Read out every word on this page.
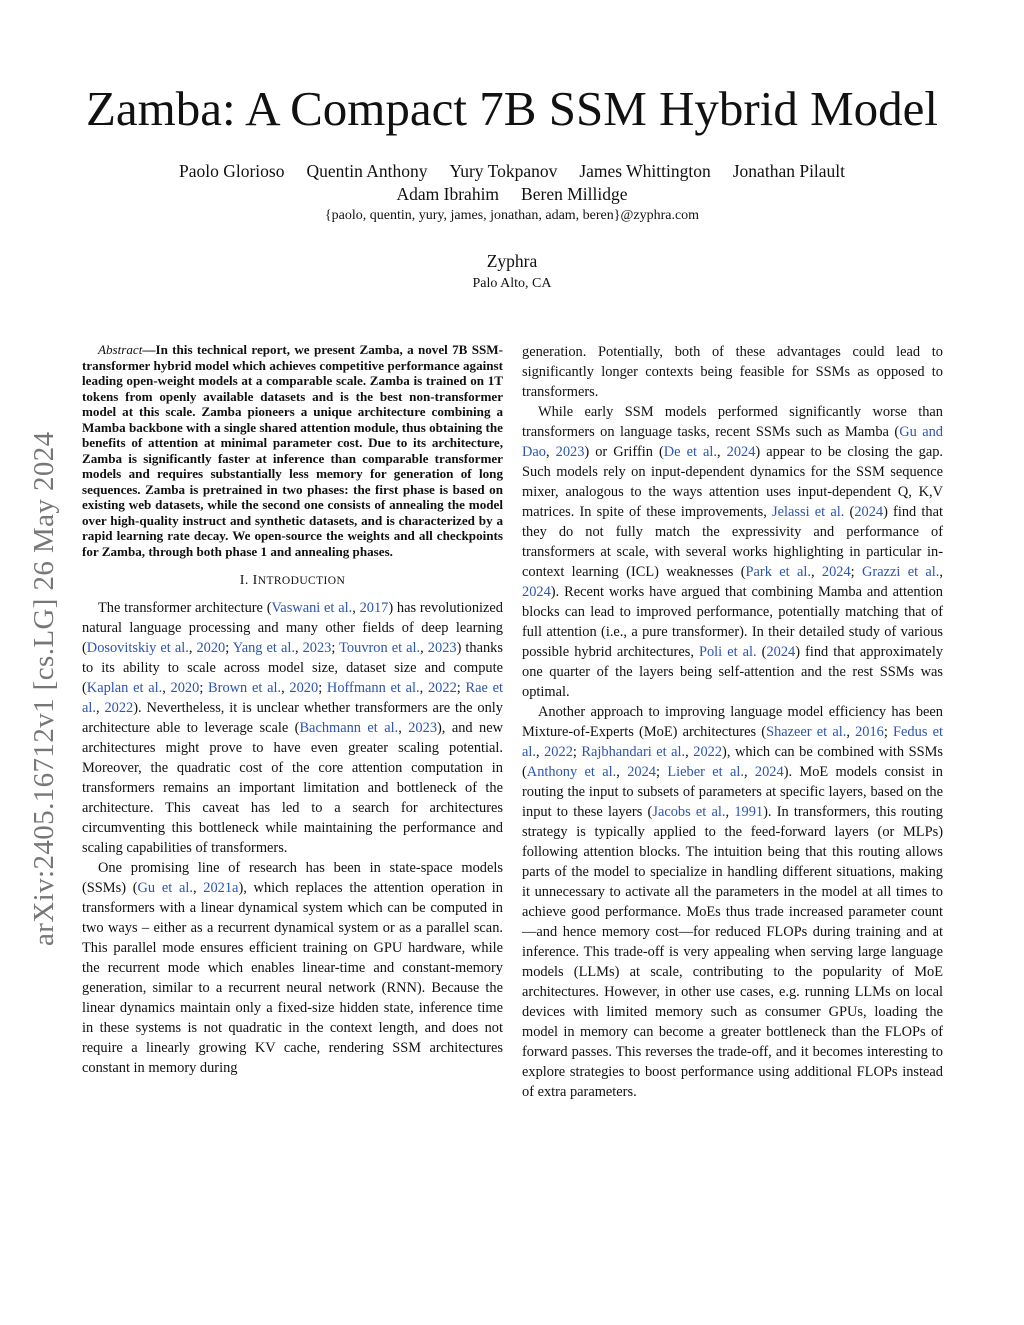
Zamba: A Compact 7B SSM Hybrid Model
Paolo Glorioso Quentin Anthony Yury Tokpanov James Whittington Jonathan Pilault
Adam Ibrahim Beren Millidge
{paolo, quentin, yury, james, jonathan, adam, beren}@zyphra.com
Zyphra
Palo Alto, CA
arXiv:2405.16712v1 [cs.LG] 26 May 2024

Abstract—In this technical report, we present Zamba, a novel 7B SSM-transformer hybrid model which achieves competitive performance against leading open-weight models at a comparable scale. Zamba is trained on 1T tokens from openly available datasets and is the best non-transformer model at this scale. Zamba pioneers a unique architecture combining a Mamba backbone with a single shared attention module, thus obtaining the benefits of attention at minimal parameter cost. Due to its architecture, Zamba is significantly faster at inference than comparable transformer models and requires substantially less memory for generation of long sequences. Zamba is pretrained in two phases: the first phase is based on existing web datasets, while the second one consists of annealing the model over high-quality instruct and synthetic datasets, and is characterized by a rapid learning rate decay. We open-source the weights and all checkpoints for Zamba, through both phase 1 and annealing phases.

I. INTRODUCTION

The transformer architecture (Vaswani et al., 2017) has revolutionized natural language processing and many other fields of deep learning (Dosovitskiy et al., 2020; Yang et al., 2023; Touvron et al., 2023) thanks to its ability to scale across model size, dataset size and compute (Kaplan et al., 2020; Brown et al., 2020; Hoffmann et al., 2022; Rae et al., 2022). Nevertheless, it is unclear whether transformers are the only architecture able to leverage scale (Bachmann et al., 2023), and new architectures might prove to have even greater scaling potential. Moreover, the quadratic cost of the core attention computation in transformers remains an important limitation and bottleneck of the architecture. This caveat has led to a search for architectures circumventing this bottleneck while maintaining the performance and scaling capabilities of transformers.

One promising line of research has been in state-space models (SSMs) (Gu et al., 2021a), which replaces the attention operation in transformers with a linear dynamical system which can be computed in two ways – either as a recurrent dynamical system or as a parallel scan. This parallel mode ensures efficient training on GPU hardware, while the recurrent mode which enables linear-time and constant-memory generation, similar to a recurrent neural network (RNN). Because the linear dynamics maintain only a fixed-size hidden state, inference time in these systems is not quadratic in the context length, and does not require a linearly growing KV cache, rendering SSM architectures constant in memory during

generation. Potentially, both of these advantages could lead to significantly longer contexts being feasible for SSMs as opposed to transformers.

While early SSM models performed significantly worse than transformers on language tasks, recent SSMs such as Mamba (Gu and Dao, 2023) or Griffin (De et al., 2024) appear to be closing the gap. Such models rely on input-dependent dynamics for the SSM sequence mixer, analogous to the ways attention uses input-dependent Q, K,V matrices. In spite of these improvements, Jelassi et al. (2024) find that they do not fully match the expressivity and performance of transformers at scale, with several works highlighting in particular in-context learning (ICL) weaknesses (Park et al., 2024; Grazzi et al., 2024). Recent works have argued that combining Mamba and attention blocks can lead to improved performance, potentially matching that of full attention (i.e., a pure transformer). In their detailed study of various possible hybrid architectures, Poli et al. (2024) find that approximately one quarter of the layers being self-attention and the rest SSMs was optimal.

Another approach to improving language model efficiency has been Mixture-of-Experts (MoE) architectures (Shazeer et al., 2016; Fedus et al., 2022; Rajbhandari et al., 2022), which can be combined with SSMs (Anthony et al., 2024; Lieber et al., 2024). MoE models consist in routing the input to subsets of parameters at specific layers, based on the input to these layers (Jacobs et al., 1991). In transformers, this routing strategy is typically applied to the feed-forward layers (or MLPs) following attention blocks. The intuition being that this routing allows parts of the model to specialize in handling different situations, making it unnecessary to activate all the parameters in the model at all times to achieve good performance. MoEs thus trade increased parameter count—and hence memory cost—for reduced FLOPs during training and at inference. This trade-off is very appealing when serving large language models (LLMs) at scale, contributing to the popularity of MoE architectures. However, in other use cases, e.g. running LLMs on local devices with limited memory such as consumer GPUs, loading the model in memory can become a greater bottleneck than the FLOPs of forward passes. This reverses the trade-off, and it becomes interesting to explore strategies to boost performance using additional FLOPs instead of extra parameters.
